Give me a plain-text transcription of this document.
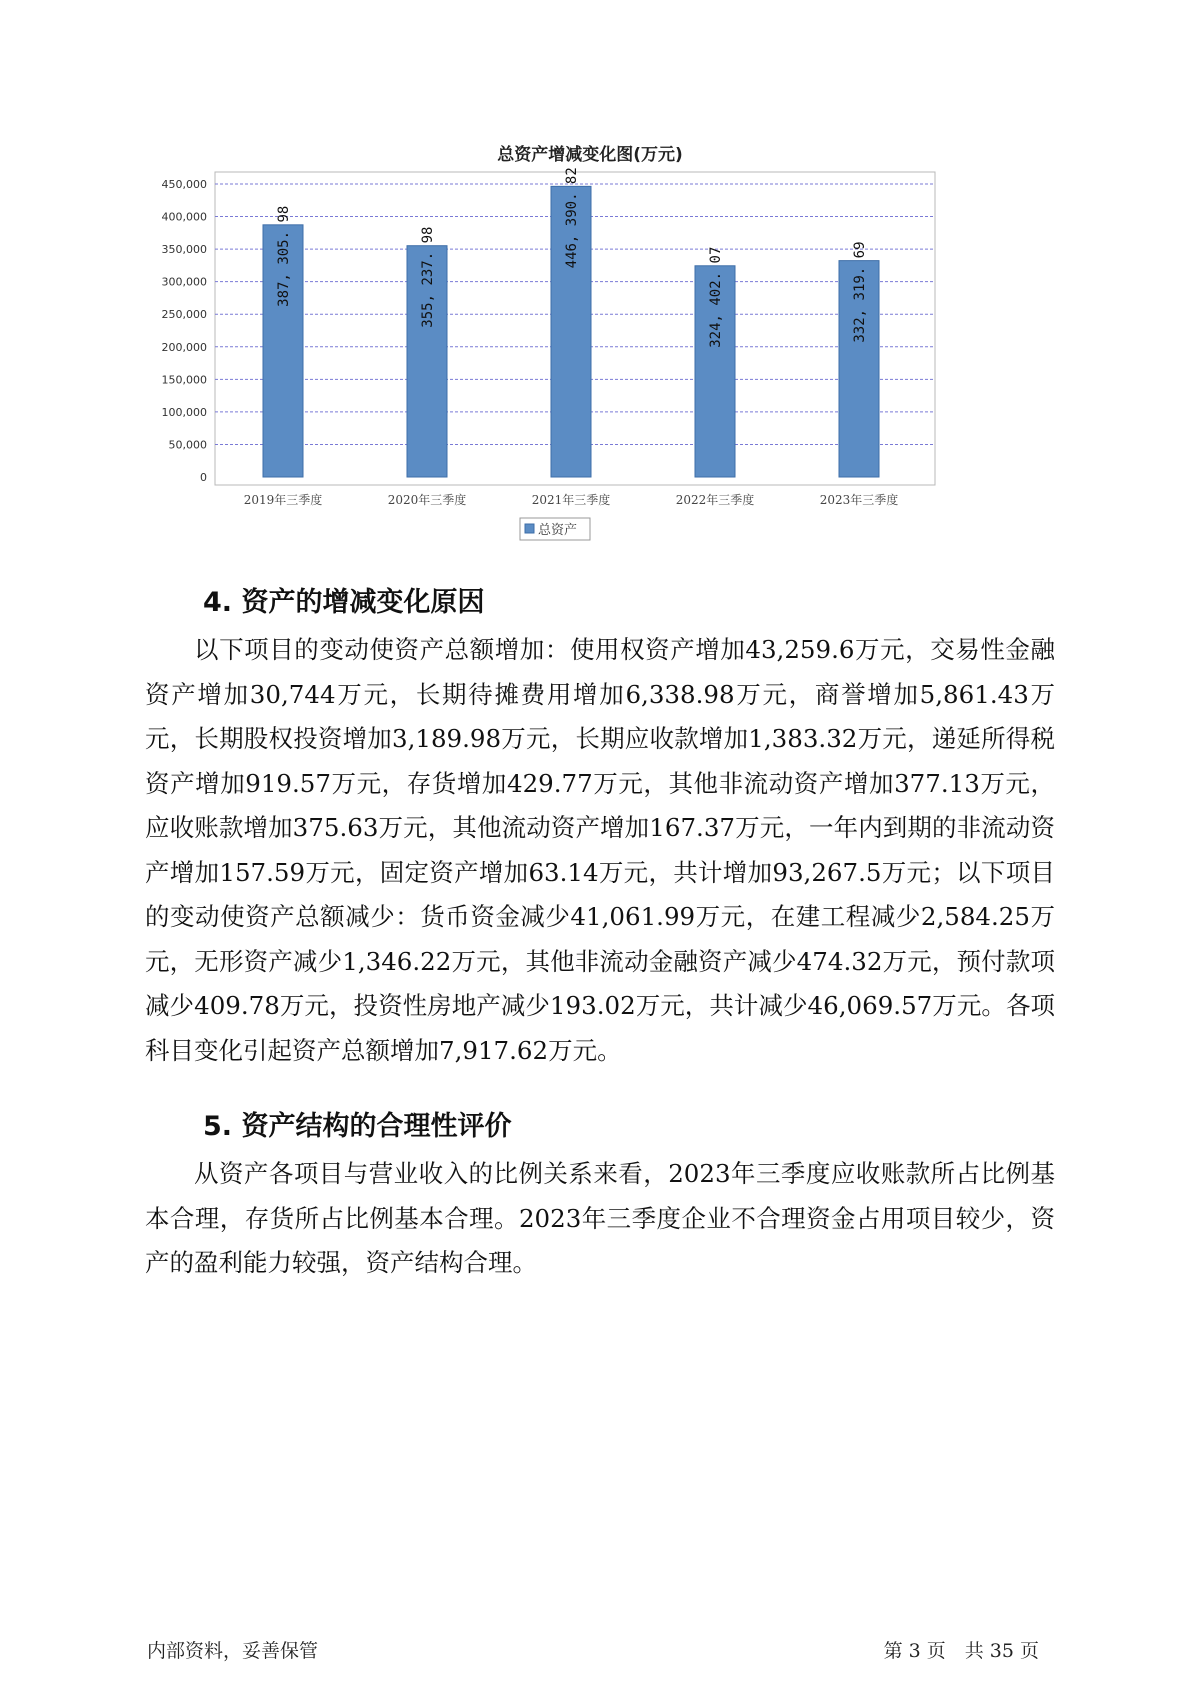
0
50,000
100,000
150,000
200,000
250,000
300,000
350,000
400,000
450,000
387, 305. 98
2019年三季度
355, 237. 98
2020年三季度
446, 390. 82
2021年三季度
324, 402. 07
2022年三季度
332, 319. 69
2023年三季度
总资产
总资产增减变化图(万元)
4. 资产的增减变化原因

以下项目的变动使资产总额增加：使用权资产增加43,259.6万元，交易性金融资产增加30,744万元，长期待摊费用增加6,338.98万元，商誉增加5,861.43万元，长期股权投资增加3,189.98万元，长期应收款增加1,383.32万元，递延所得税资产增加919.57万元，存货增加429.77万元，其他非流动资产增加377.13万元，应收账款增加375.63万元，其他流动资产增加167.37万元，一年内到期的非流动资产增加157.59万元，固定资产增加63.14万元，共计增加93,267.5万元；以下项目的变动使资产总额减少：货币资金减少41,061.99万元，在建工程减少2,584.25万元，无形资产减少1,346.22万元，其他非流动金融资产减少474.32万元，预付款项减少409.78万元，投资性房地产减少193.02万元，共计减少46,069.57万元。各项科目变化引起资产总额增加7,917.62万元。

5. 资产结构的合理性评价

从资产各项目与营业收入的比例关系来看，2023年三季度应收账款所占比例基本合理，存货所占比例基本合理。2023年三季度企业不合理资金占用项目较少，资产的盈利能力较强，资产结构合理。

内部资料，妥善保管	第 3 页　共 35 页
